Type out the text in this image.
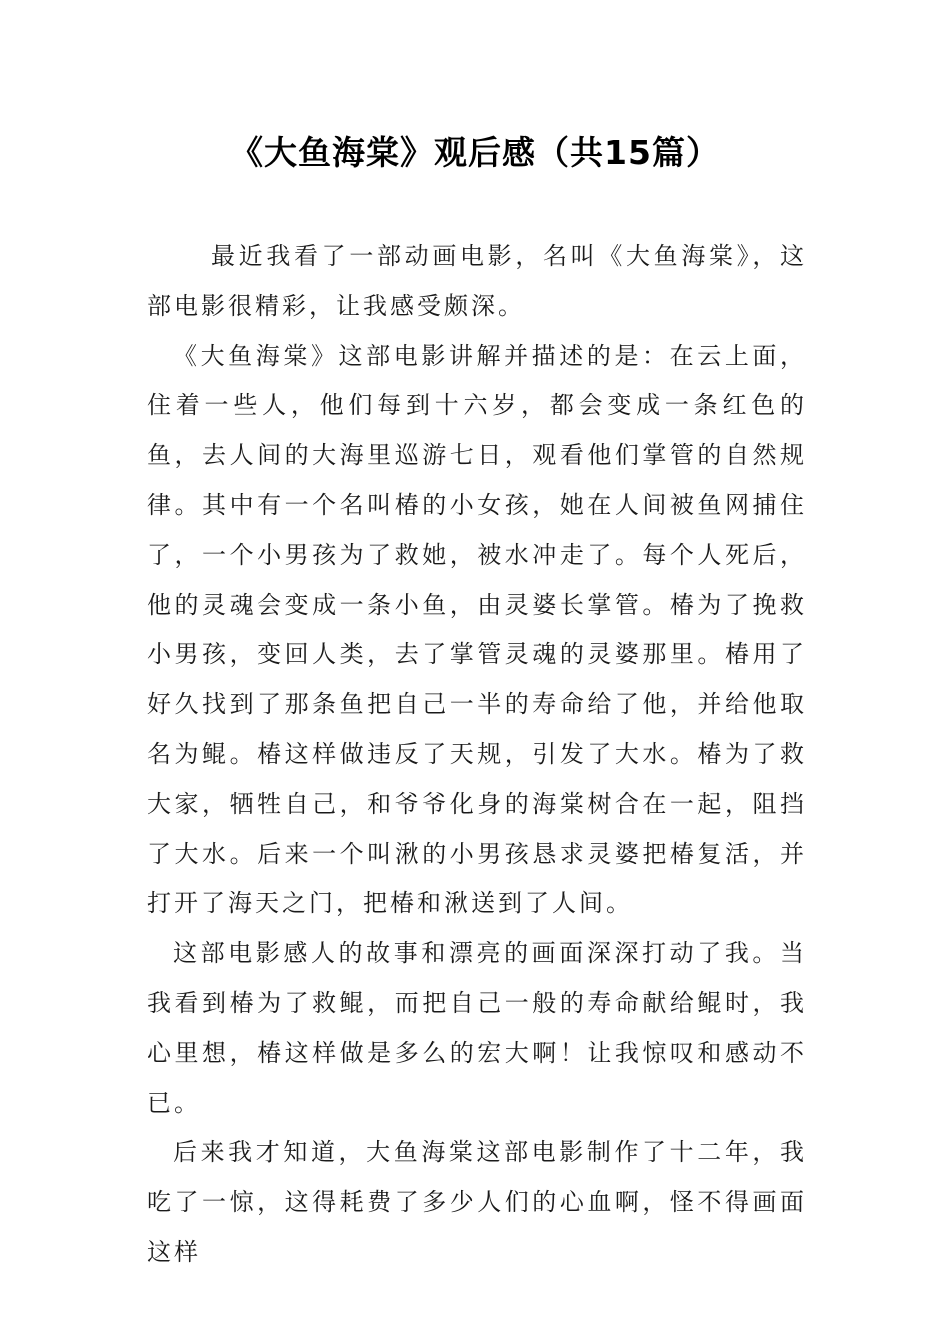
《大鱼海棠》观后感（共15篇）

最近我看了一部动画电影，名叫《大鱼海棠》，这部电影很精彩，让我感受颇深。

《大鱼海棠》这部电影讲解并描述的是：在云上面，住着一些人，他们每到十六岁，都会变成一条红色的鱼，去人间的大海里巡游七日，观看他们掌管的自然规律。其中有一个名叫椿的小女孩，她在人间被鱼网捕住了，一个小男孩为了救她，被水冲走了。每个人死后，他的灵魂会变成一条小鱼，由灵婆长掌管。椿为了挽救小男孩，变回人类，去了掌管灵魂的灵婆那里。椿用了好久找到了那条鱼把自己一半的寿命给了他，并给他取名为鲲。椿这样做违反了天规，引发了大水。椿为了救大家，牺牲自己，和爷爷化身的海棠树合在一起，阻挡了大水。后来一个叫湫的小男孩恳求灵婆把椿复活，并打开了海天之门，把椿和湫送到了人间。

这部电影感人的故事和漂亮的画面深深打动了我。当我看到椿为了救鲲，而把自己一般的寿命献给鲲时，我心里想，椿这样做是多么的宏大啊！让我惊叹和感动不已。

后来我才知道，大鱼海棠这部电影制作了十二年，我吃了一惊，这得耗费了多少人们的心血啊，怪不得画面这样
